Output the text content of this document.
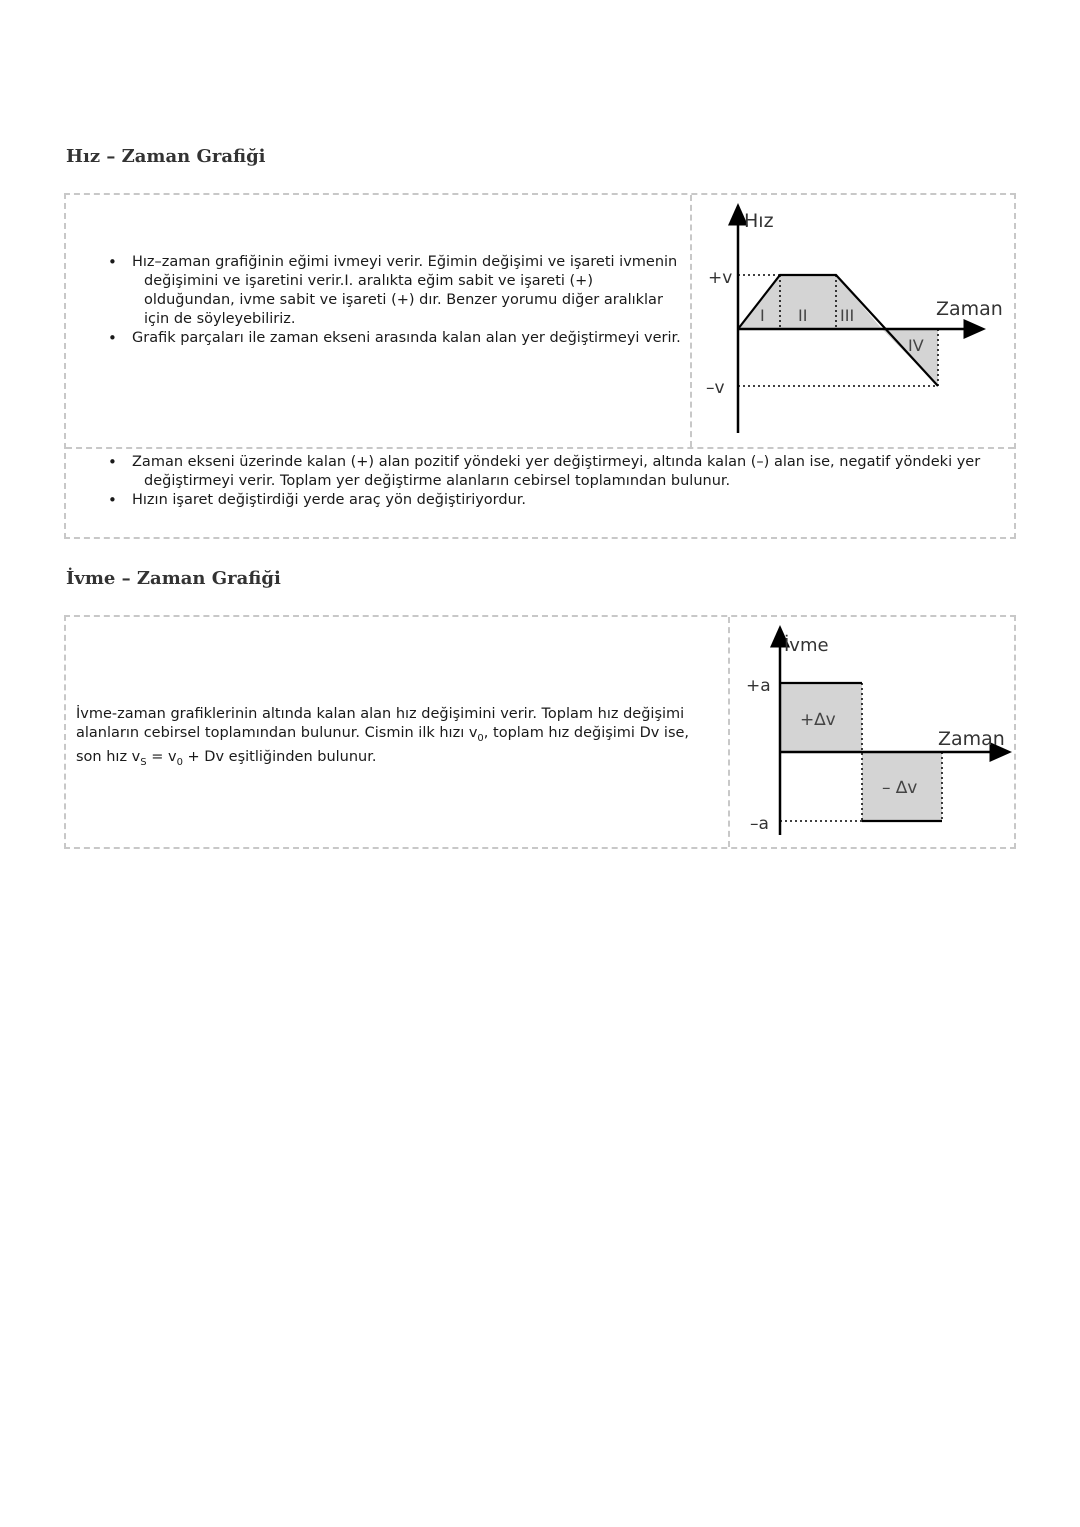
Hız – Zaman Grafiği
• Hız–zaman grafiğinin eğimi ivmeyi verir. Eğimin değişimi ve işareti ivmenin değişimini ve işaretini verir.I. aralıkta eğim sabit ve işareti (+) olduğundan, ivme sabit ve işareti (+) dır. Benzer yorumu diğer aralıklar için de söyleyebiliriz.
• Grafik parçaları ile zaman ekseni arasında kalan alan yer değiştirmeyi verir.
Hız
Zaman
+v
–v
I II III
IV
• Zaman ekseni üzerinde kalan (+) alan pozitif yöndeki yer değiştirmeyi, altında kalan (–) alan ise, negatif yöndeki yer değiştirmeyi verir. Toplam yer değiştirme alanların cebirsel toplamından bulunur.
• Hızın işaret değiştirdiği yerde araç yön değiştiriyordur.
İvme – Zaman Grafiği
İvme-zaman grafiklerinin altında kalan alan hız değişimini verir. Toplam hız değişimi alanların cebirsel toplamından bulunur. Cismin ilk hızı $v_0$, toplam hız değişimi Dv ise, son hız $v_S = v_0 + Dv$ eşitliğinden bulunur.
İvme
Zaman
+a
–a
+∆v
– ∆v
